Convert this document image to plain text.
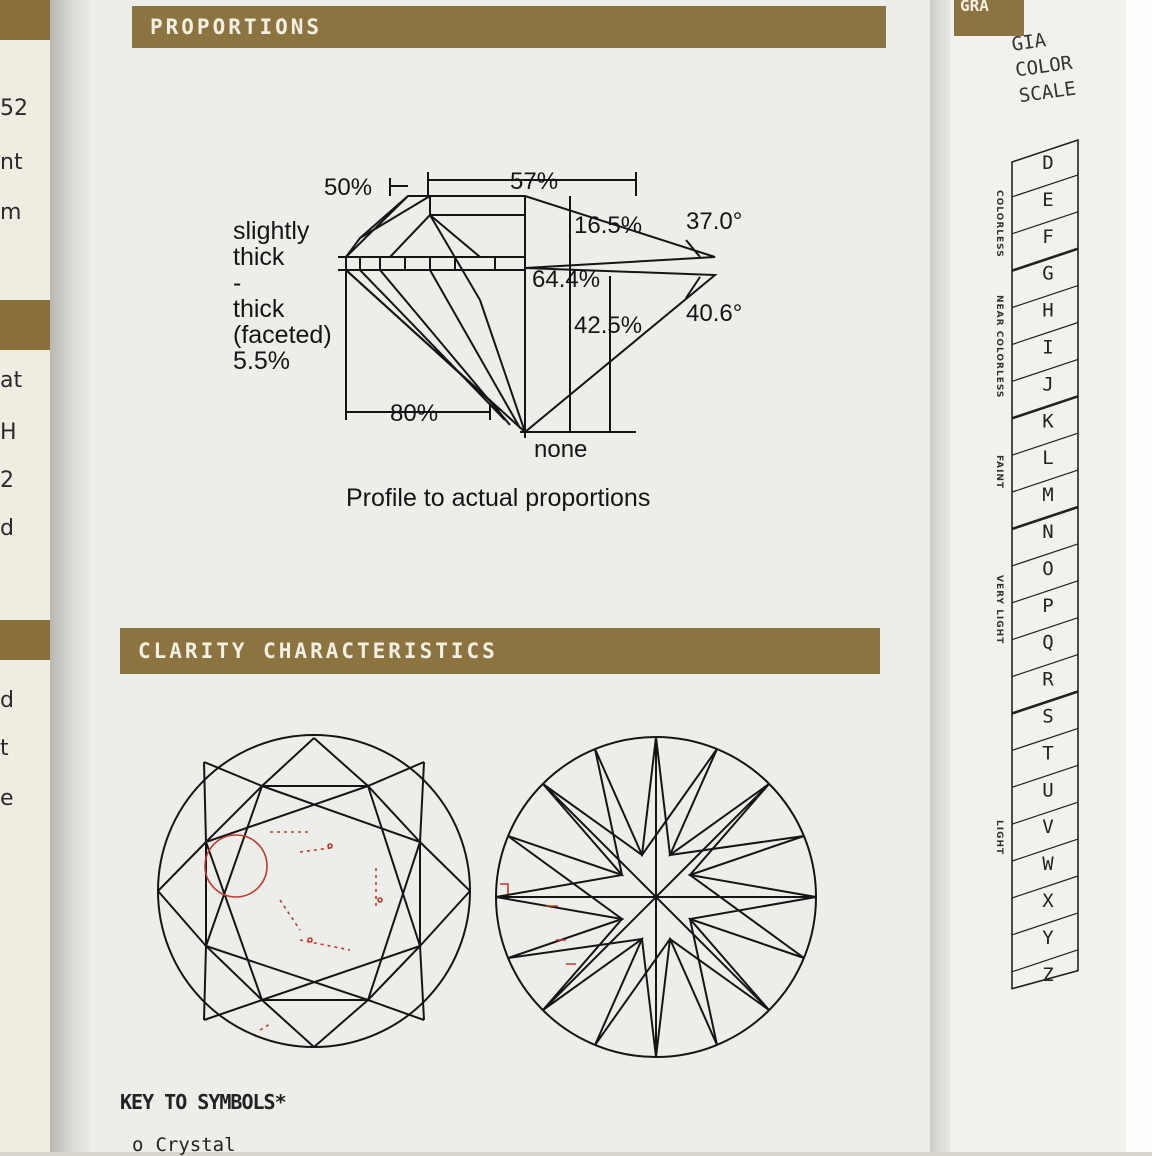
52
nt
m
at
H
2
d
d
t
e
PROPORTIONS
57%
50%
16.5% 37.0°
64.4%
42.5% 40.6°
80%
none
slightly
thick
-
thick
(faceted)
5.5%
Profile to actual proportions
CLARITY CHARACTERISTICS
KEY TO SYMBOLS*
o Crystal
GRA
GIA
COLOR
SCALE
COLORLESS
NEAR COLORLESS
FAINT
VERY LIGHT
LIGHT
D
E
F
G
H
I
J
K
L
M
N
O
P
Q
R
S
T
U
V
W
X
Y
Z
